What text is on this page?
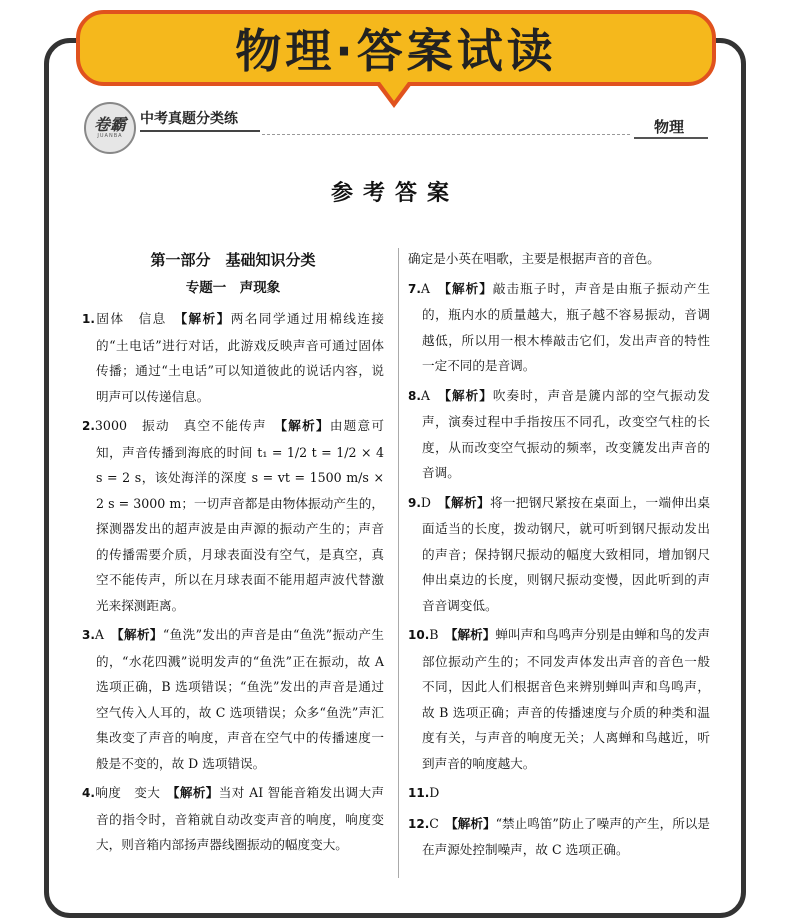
物理·答案试读
卷霸
JUANBA
中考真题分类练	物理
参考答案
第一部分　基础知识分类
专题一　声现象

1.固体　信息　【解析】两名同学通过用棉线连接的“土电话”进行对话，此游戏反映声音可通过固体传播；通过“土电话”可以知道彼此的说话内容，说明声可以传递信息。

2.3000　振动　真空不能传声　【解析】由题意可知，声音传播到海底的时间 t₁ = 1/2 t = 1/2 × 4 s = 2 s，该处海洋的深度 s = vt = 1500 m/s × 2 s = 3000 m；一切声音都是由物体振动产生的，探测器发出的超声波是由声源的振动产生的；声音的传播需要介质，月球表面没有空气，是真空，真空不能传声，所以在月球表面不能用超声波代替激光来探测距离。

3.A　【解析】“鱼洗”发出的声音是由“鱼洗”振动产生的，“水花四溅”说明发声的“鱼洗”正在振动，故 A 选项正确，B 选项错误；“鱼洗”发出的声音是通过空气传入人耳的，故 C 选项错误；众多“鱼洗”声汇集改变了声音的响度，声音在空气中的传播速度一般是不变的，故 D 选项错误。

4.响度　变大　【解析】当对 AI 智能音箱发出调大声音的指令时，音箱就自动改变声音的响度，响度变大，则音箱内部扬声器线圈振动的幅度变大。

确定是小英在唱歌，主要是根据声音的音色。

7.A　【解析】敲击瓶子时，声音是由瓶子振动产生的，瓶内水的质量越大，瓶子越不容易振动，音调越低，所以用一根木棒敲击它们，发出声音的特性一定不同的是音调。

8.A　【解析】吹奏时，声音是篪内部的空气振动发声，演奏过程中手指按压不同孔，改变空气柱的长度，从而改变空气振动的频率，改变篪发出声音的音调。

9.D　【解析】将一把钢尺紧按在桌面上，一端伸出桌面适当的长度，拨动钢尺，就可听到钢尺振动发出的声音；保持钢尺振动的幅度大致相同，增加钢尺伸出桌边的长度，则钢尺振动变慢，因此听到的声音音调变低。

10.B　【解析】蝉叫声和鸟鸣声分别是由蝉和鸟的发声部位振动产生的；不同发声体发出声音的音色一般不同，因此人们根据音色来辨别蝉叫声和鸟鸣声，故 B 选项正确；声音的传播速度与介质的种类和温度有关，与声音的响度无关；人离蝉和鸟越近，听到声音的响度越大。

11.D

12.C　【解析】“禁止鸣笛”防止了噪声的产生，所以是在声源处控制噪声，故 C 选项正确。
